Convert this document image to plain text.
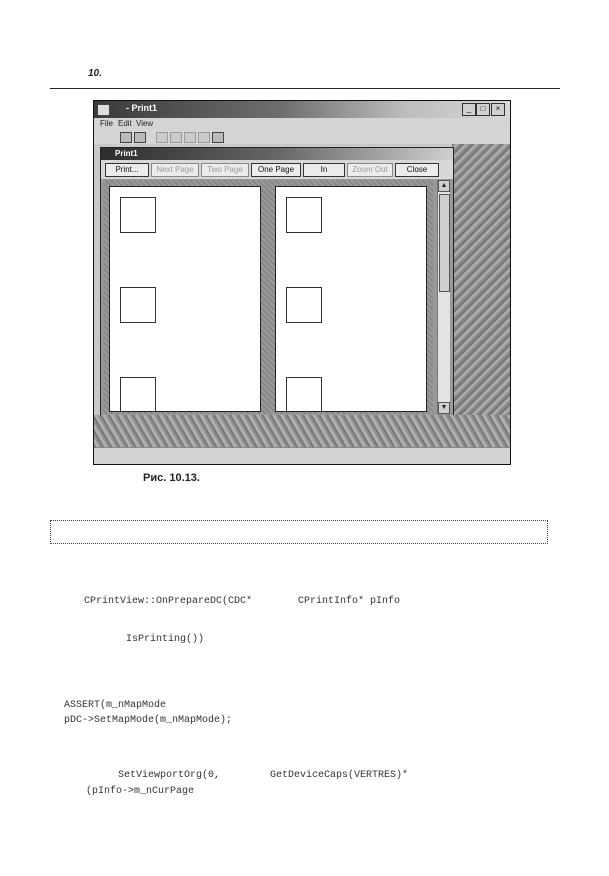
10.
- Print1	_	□	×
File Edit View
Print1
Print...	Next Page	Two Page	One Page	In	Zoom Out	Close
▲
▼
Рис. 10.13.
CPrintView::OnPrepareDC(CDC*	CPrintInfo* pInfo
IsPrinting())
ASSERT(m_nMapMode
pDC->SetMapMode(m_nMapMode);
SetViewportOrg(0,	GetDeviceCaps(VERTRES)*
(pInfo->m_nCurPage
